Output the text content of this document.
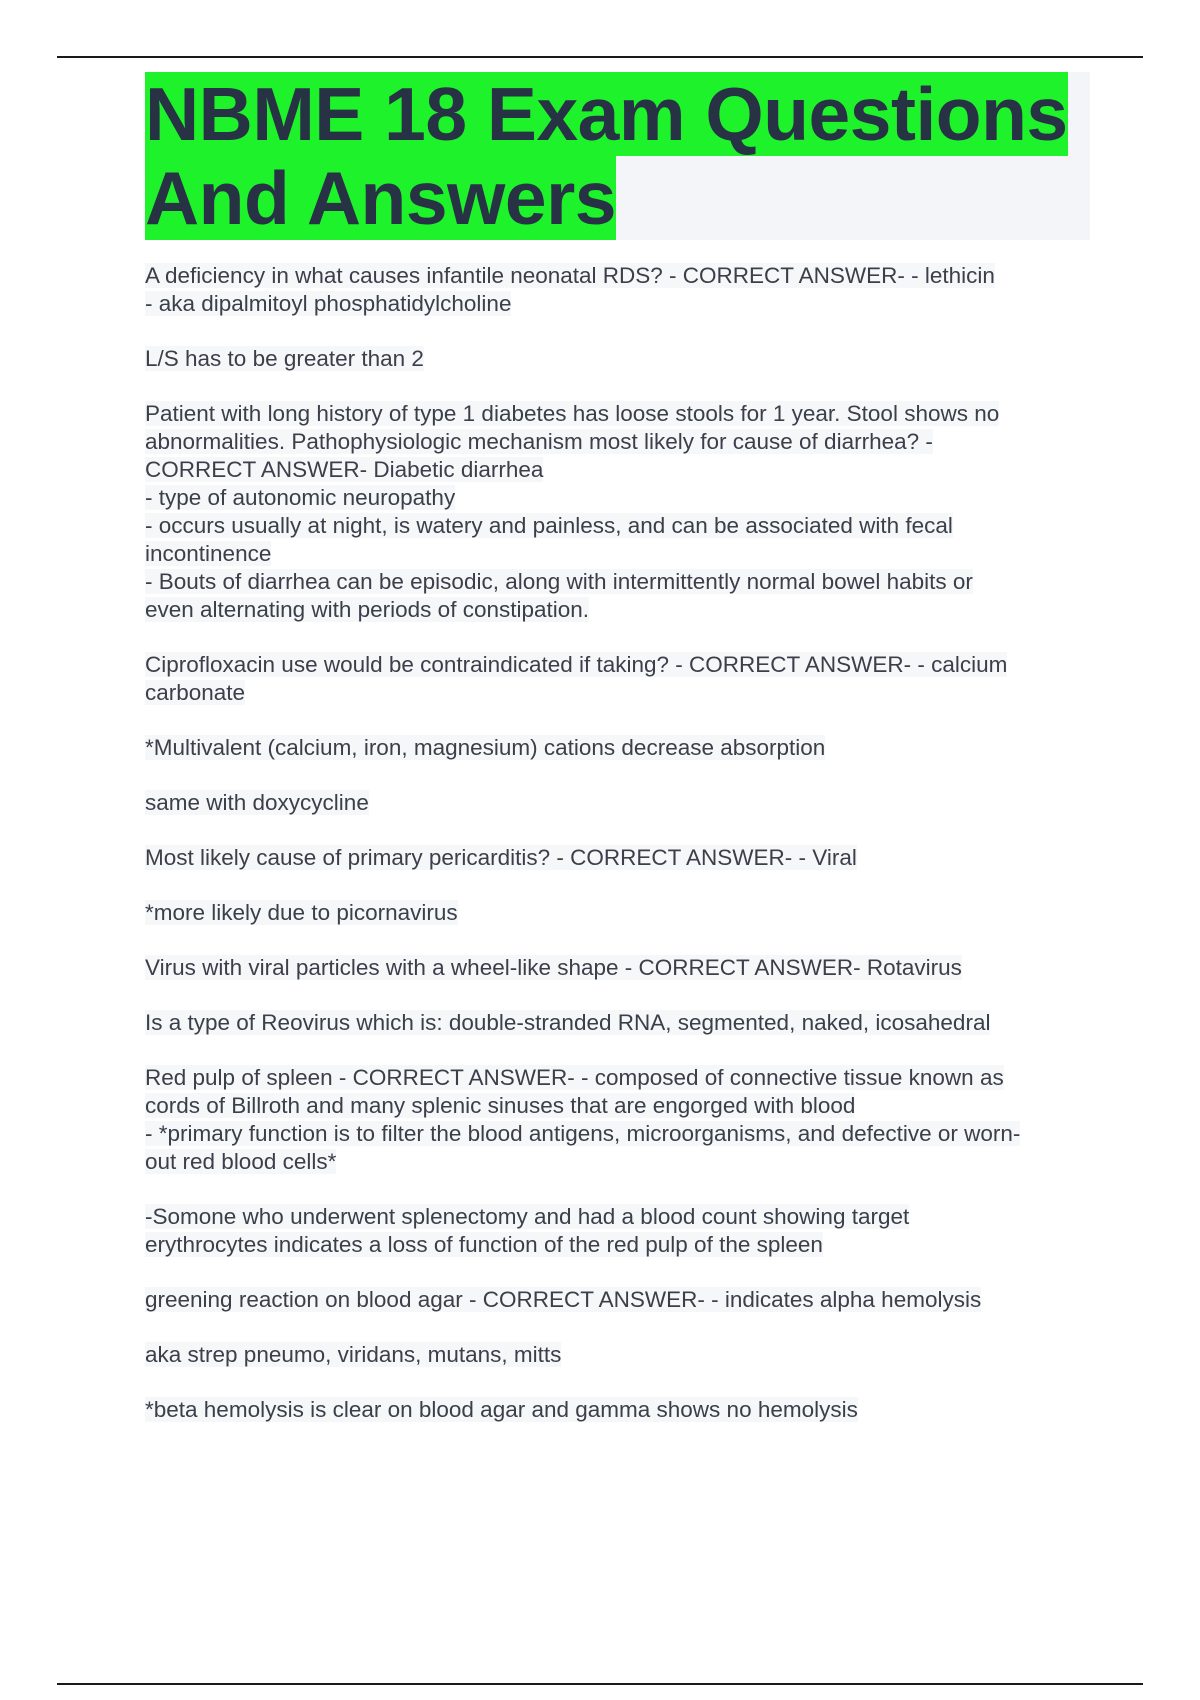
NBME 18 Exam Questions And Answers

A deficiency in what causes infantile neonatal RDS? - CORRECT ANSWER- - lethicin
- aka dipalmitoyl phosphatidylcholine

L/S has to be greater than 2

Patient with long history of type 1 diabetes has loose stools for 1 year. Stool shows no
abnormalities. Pathophysiologic mechanism most likely for cause of diarrhea? -
CORRECT ANSWER- Diabetic diarrhea
- type of autonomic neuropathy
- occurs usually at night, is watery and painless, and can be associated with fecal
incontinence
- Bouts of diarrhea can be episodic, along with intermittently normal bowel habits or
even alternating with periods of constipation.

Ciprofloxacin use would be contraindicated if taking? - CORRECT ANSWER- - calcium
carbonate

*Multivalent (calcium, iron, magnesium) cations decrease absorption

same with doxycycline

Most likely cause of primary pericarditis? - CORRECT ANSWER- - Viral

*more likely due to picornavirus

Virus with viral particles with a wheel-like shape - CORRECT ANSWER- Rotavirus

Is a type of Reovirus which is: double-stranded RNA, segmented, naked, icosahedral

Red pulp of spleen - CORRECT ANSWER- - composed of connective tissue known as
cords of Billroth and many splenic sinuses that are engorged with blood
- *primary function is to filter the blood antigens, microorganisms, and defective or worn-
out red blood cells*

-Somone who underwent splenectomy and had a blood count showing target
erythrocytes indicates a loss of function of the red pulp of the spleen

greening reaction on blood agar - CORRECT ANSWER- - indicates alpha hemolysis

aka strep pneumo, viridans, mutans, mitts

*beta hemolysis is clear on blood agar and gamma shows no hemolysis
